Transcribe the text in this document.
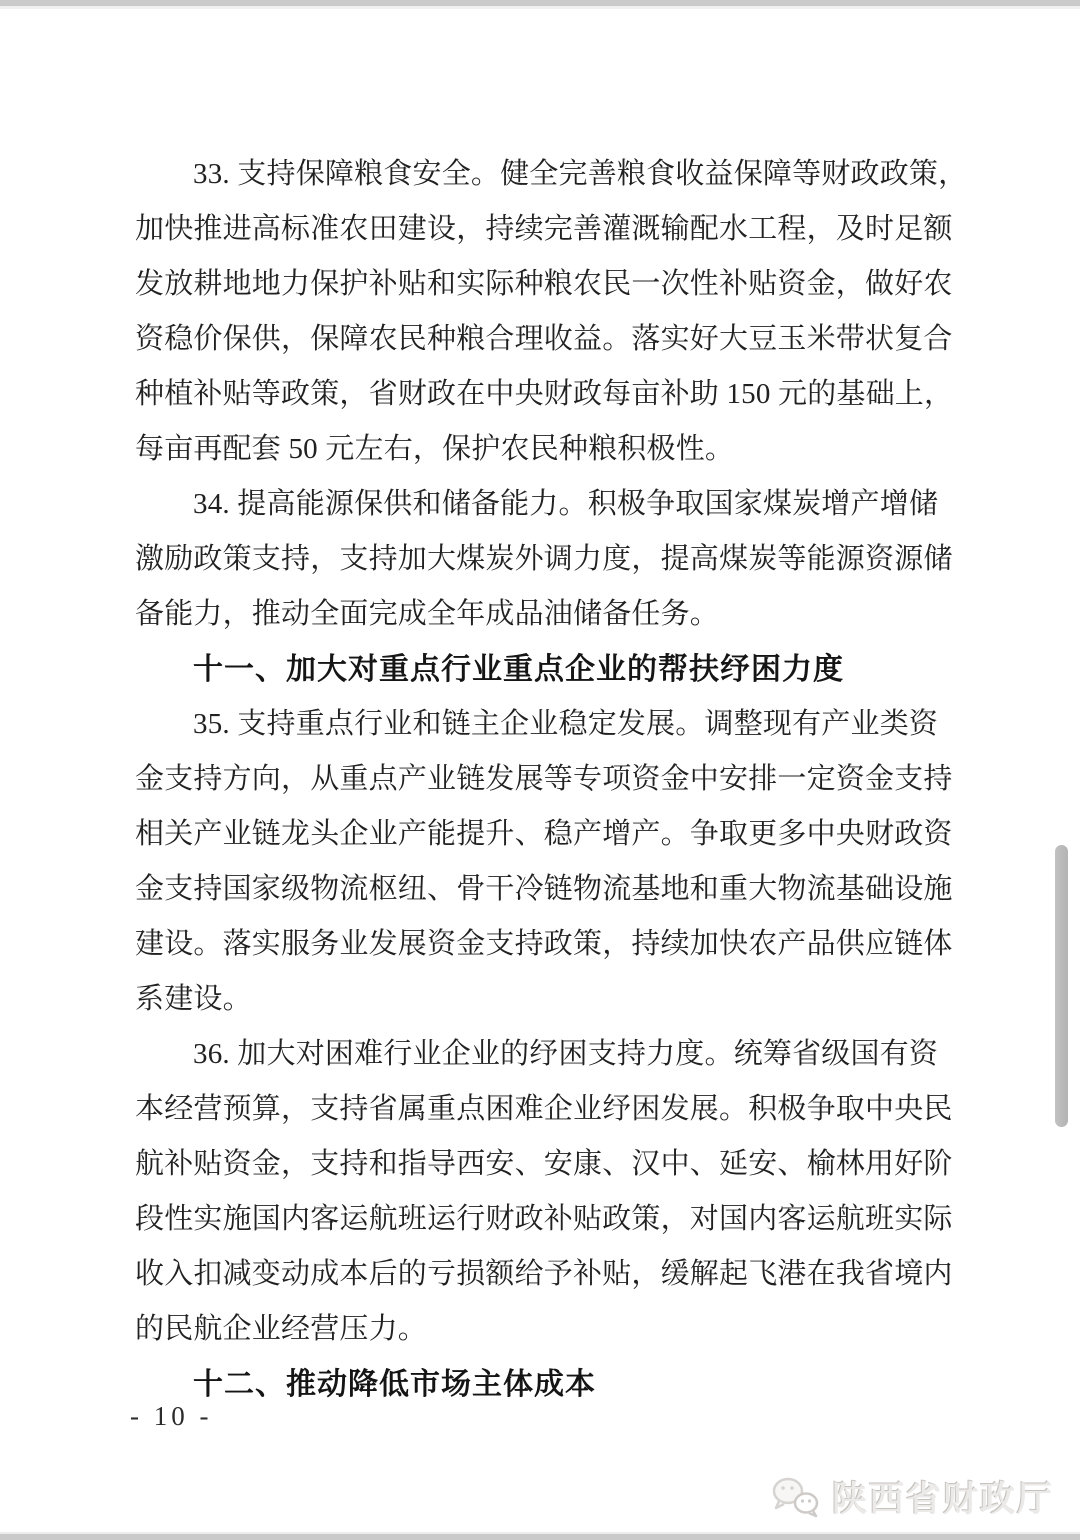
33. 支持保障粮食安全。健全完善粮食收益保障等财政政策，
加快推进高标准农田建设，持续完善灌溉输配水工程，及时足额
发放耕地地力保护补贴和实际种粮农民一次性补贴资金，做好农
资稳价保供，保障农民种粮合理收益。落实好大豆玉米带状复合
种植补贴等政策，省财政在中央财政每亩补助 150 元的基础上，
每亩再配套 50 元左右，保护农民种粮积极性。
34. 提高能源保供和储备能力。积极争取国家煤炭增产增储
激励政策支持，支持加大煤炭外调力度，提高煤炭等能源资源储
备能力，推动全面完成全年成品油储备任务。
十一、加大对重点行业重点企业的帮扶纾困力度
35. 支持重点行业和链主企业稳定发展。调整现有产业类资
金支持方向，从重点产业链发展等专项资金中安排一定资金支持
相关产业链龙头企业产能提升、稳产增产。争取更多中央财政资
金支持国家级物流枢纽、骨干冷链物流基地和重大物流基础设施
建设。落实服务业发展资金支持政策，持续加快农产品供应链体
系建设。
36. 加大对困难行业企业的纾困支持力度。统筹省级国有资
本经营预算，支持省属重点困难企业纾困发展。积极争取中央民
航补贴资金，支持和指导西安、安康、汉中、延安、榆林用好阶
段性实施国内客运航班运行财政补贴政策，对国内客运航班实际
收入扣减变动成本后的亏损额给予补贴，缓解起飞港在我省境内
的民航企业经营压力。
十二、推动降低市场主体成本
- 10 -
陕西省财政厅
